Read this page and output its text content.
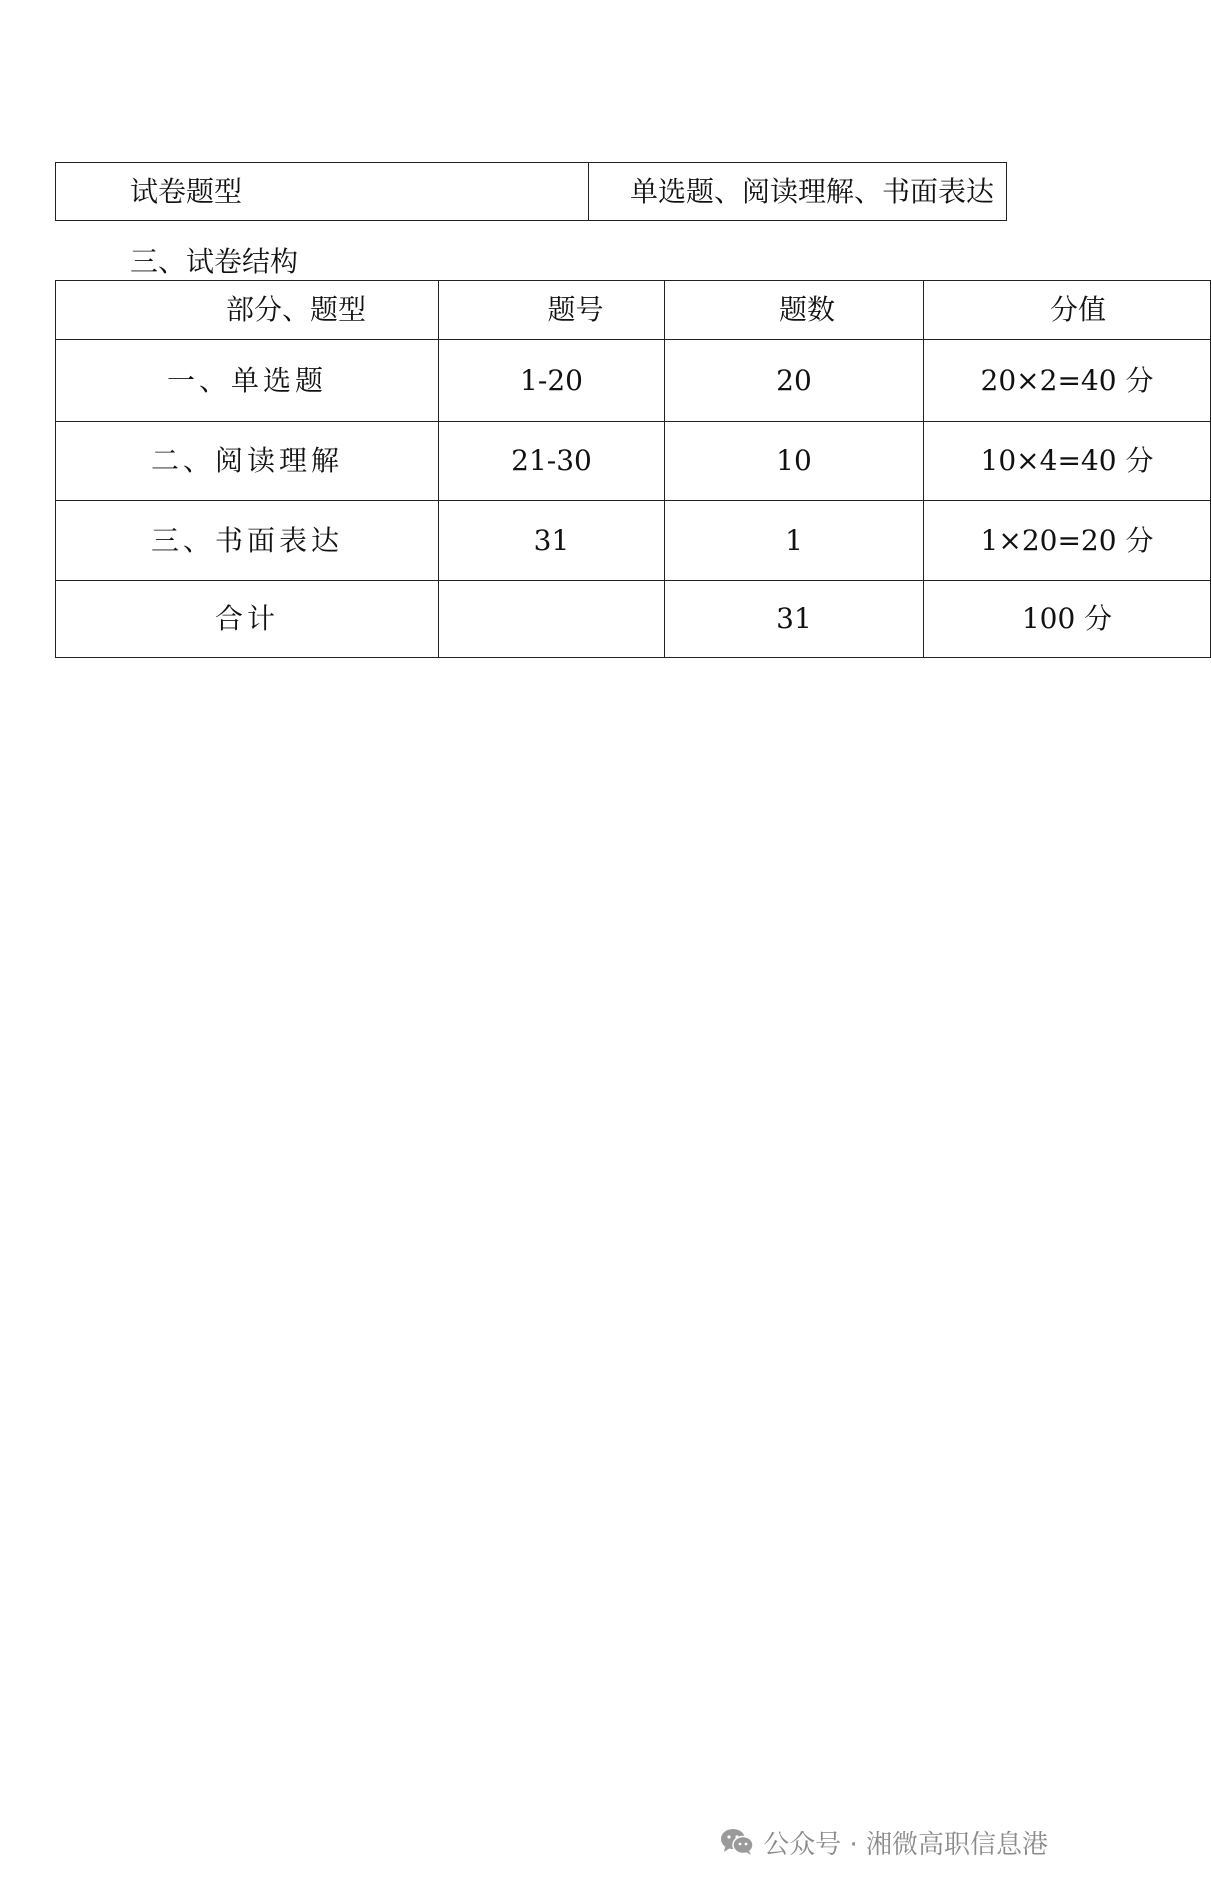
试卷题型	单选题、阅读理解、书面表达
三、试卷结构
部分、题型	题号	题数	分值
一、单选题	1-20	20	20×2=40 分
二、阅读理解	21-30	10	10×4=40 分
三、书面表达	31	1	1×20=20 分
合计		31	100 分
公众号 · 湘微高职信息港
